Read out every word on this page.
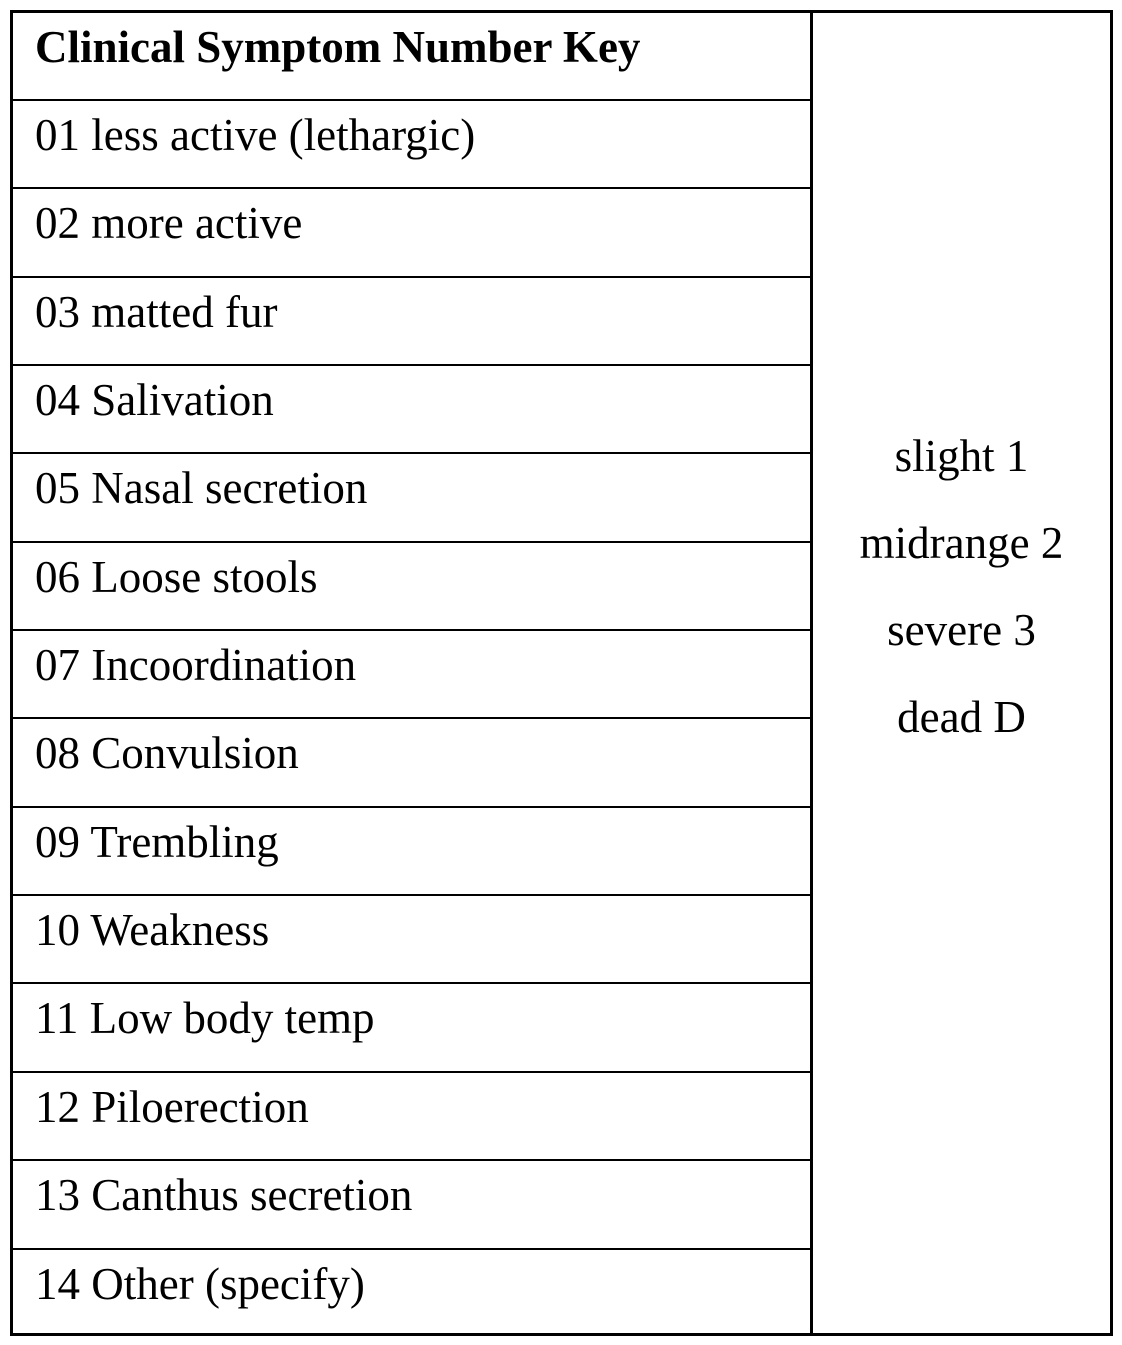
Clinical Symptom Number Key
01 less active (lethargic)
02 more active
03 matted fur
04 Salivation
05 Nasal secretion
06 Loose stools
07 Incoordination
08 Convulsion
09 Trembling
10 Weakness
11 Low body temp
12 Piloerection
13 Canthus secretion
14 Other (specify)
slight 1
midrange 2
severe 3
dead D
